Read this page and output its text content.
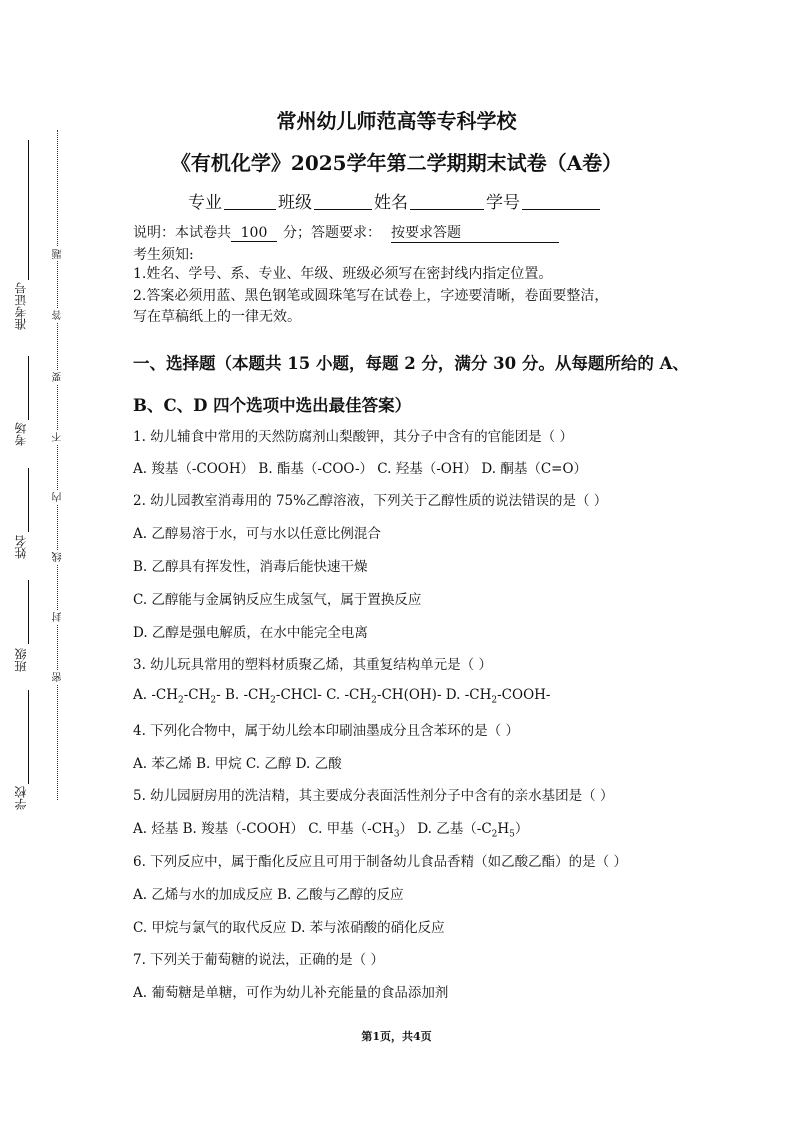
准考证号
考场
姓名
班级
学校
题
答
要
不
内
线
封
密
常州幼儿师范高等专科学校
《有机化学》2025学年第二学期期末试卷（A卷）
专业	班级	姓名	学号
说明：本试卷共 100 分；答题要求： 按要求答题
考生须知:
1.姓名、学号、系、专业、年级、班级必须写在密封线内指定位置。
2.答案必须用蓝、黑色钢笔或圆珠笔写在试卷上，字迹要清晰，卷面要整洁，
写在草稿纸上的一律无效。
一、选择题（本题共 15 小题，每题 2 分，满分 30 分。从每题所给的 A、
B、C、D 四个选项中选出最佳答案）
1. 幼儿辅食中常用的天然防腐剂山梨酸钾，其分子中含有的官能团是（ ）
A. 羧基（-COOH） B. 酯基（-COO-） C. 羟基（-OH） D. 酮基（C=O）
2. 幼儿园教室消毒用的 75%乙醇溶液，下列关于乙醇性质的说法错误的是（ ）
A. 乙醇易溶于水，可与水以任意比例混合
B. 乙醇具有挥发性，消毒后能快速干燥
C. 乙醇能与金属钠反应生成氢气，属于置换反应
D. 乙醇是强电解质，在水中能完全电离
3. 幼儿玩具常用的塑料材质聚乙烯，其重复结构单元是（ ）
A. $-CH_2-CH_2-$ B. $-CH_2-CHCl-$ C. $-CH_2-CH(OH)-$ D. $-CH_2-COOH-$
4. 下列化合物中，属于幼儿绘本印刷油墨成分且含苯环的是（ ）
A. 苯乙烯 B. 甲烷 C. 乙醇 D. 乙酸
5. 幼儿园厨房用的洗洁精，其主要成分表面活性剂分子中含有的亲水基团是（ ）
A. 烃基 B. 羧基（-COOH） C. 甲基$(-CH_3)$ D. 乙基$(-C_2H_5)$
6. 下列反应中，属于酯化反应且可用于制备幼儿食品香精（如乙酸乙酯）的是（ ）
A. 乙烯与水的加成反应 B. 乙酸与乙醇的反应
C. 甲烷与氯气的取代反应 D. 苯与浓硝酸的硝化反应
7. 下列关于葡萄糖的说法，正确的是（ ）
A. 葡萄糖是单糖，可作为幼儿补充能量的食品添加剂
第1页，共4页
